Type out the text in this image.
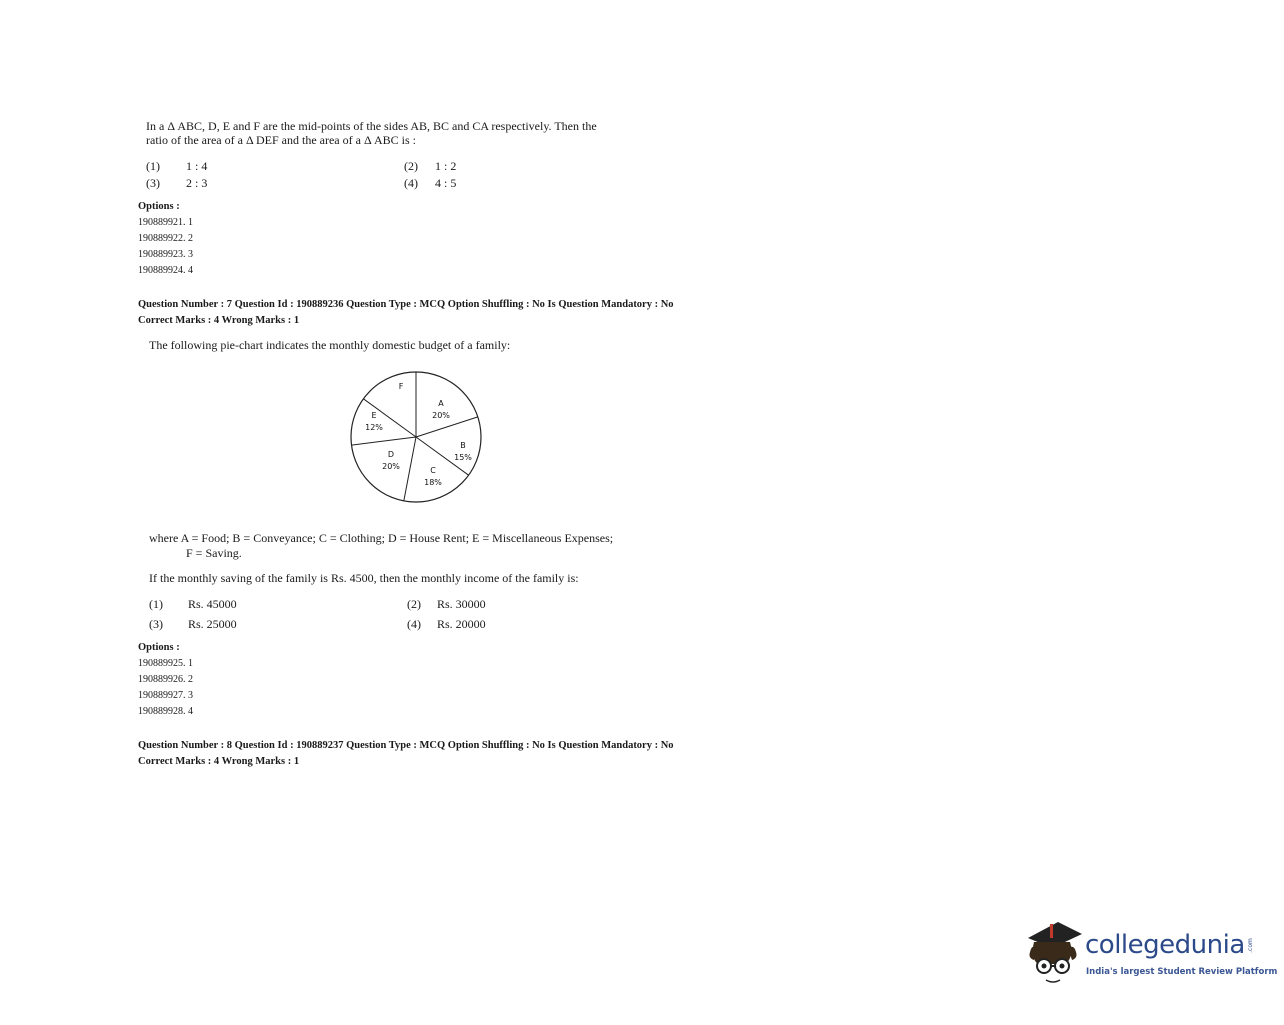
In a Δ ABC, D, E and F are the mid-points of the sides AB, BC and CA respectively. Then the
ratio of the area of a Δ DEF and the area of a Δ ABC is :
(1) 1 : 4	(2) 1 : 2
(3) 2 : 3	(4) 4 : 5
Options :
190889921. 1
190889922. 2
190889923. 3
190889924. 4
Question Number : 7 Question Id : 190889236 Question Type : MCQ Option Shuffling : No Is Question Mandatory : No
Correct Marks : 4 Wrong Marks : 1
The following pie-chart indicates the monthly domestic budget of a family:
F
A
20%
E
12%
B
15%
D
20%	C
18%
where A = Food; B = Conveyance; C = Clothing; D = House Rent; E = Miscellaneous Expenses;
F = Saving.
If the monthly saving of the family is Rs. 4500, then the monthly income of the family is:
(1) Rs. 45000	(2) Rs. 30000
(3) Rs. 25000	(4) Rs. 20000
Options :
190889925. 1
190889926. 2
190889927. 3
190889928. 4
Question Number : 8 Question Id : 190889237 Question Type : MCQ Option Shuffling : No Is Question Mandatory : No
Correct Marks : 4 Wrong Marks : 1
collegedunia .com
India's largest Student Review Platform
